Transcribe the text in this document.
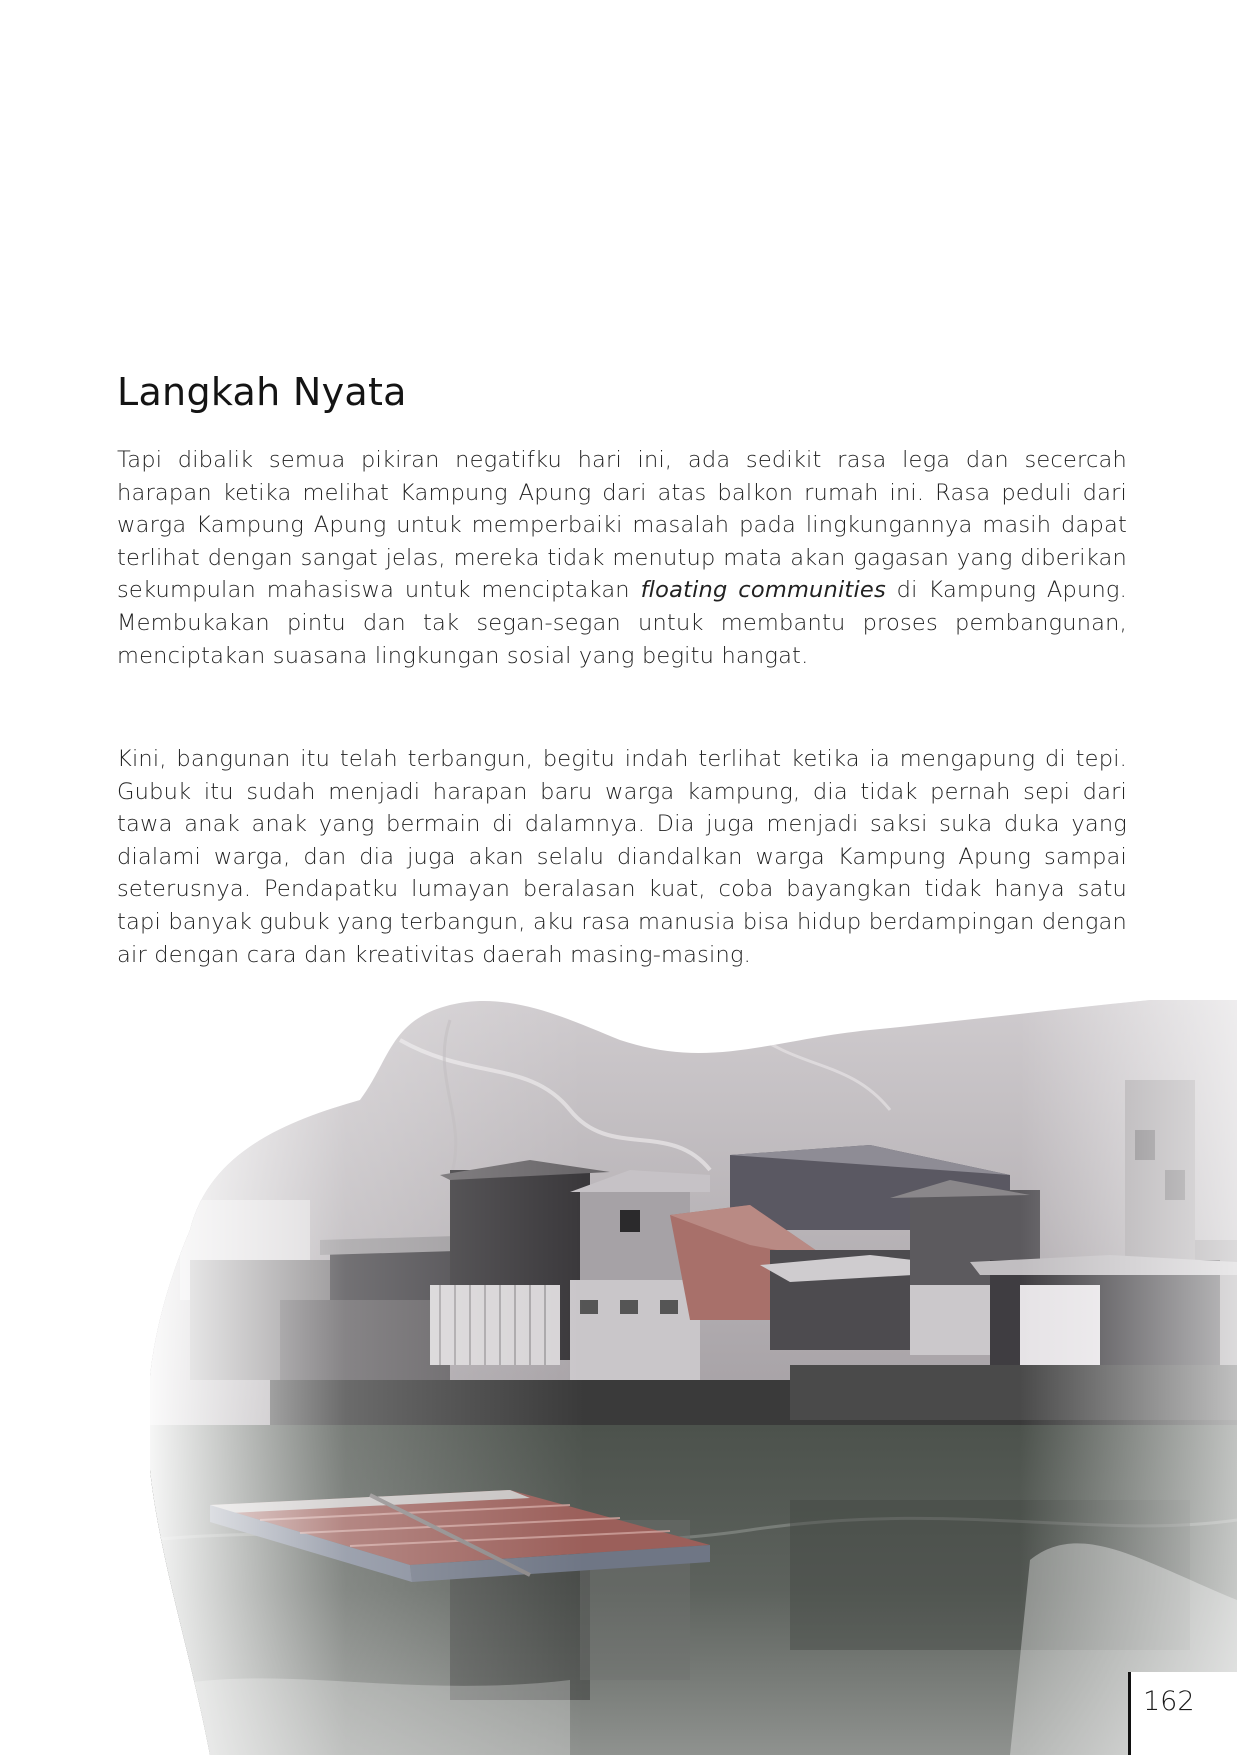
Langkah Nyata

Tapi dibalik semua pikiran negatifku hari ini, ada sedikit rasa lega dan secercah harapan ketika melihat Kampung Apung dari atas balkon rumah ini. Rasa peduli dari warga Kampung Apung untuk memperbaiki masalah pada lingkungannya masih dapat terlihat dengan sangat jelas, mereka tidak menutup mata akan gagasan yang diberikan sekumpulan mahasiswa untuk menciptakan floating communities di Kampung Apung. Membukakan pintu dan tak segan-segan untuk membantu proses pembangunan, menciptakan suasana lingkungan sosial yang begitu hangat.

Kini, bangunan itu telah terbangun, begitu indah terlihat ketika ia mengapung di tepi. Gubuk itu sudah menjadi harapan baru warga kampung, dia tidak pernah sepi dari tawa anak anak yang bermain di dalamnya. Dia juga menjadi saksi suka duka yang dialami warga, dan dia juga akan selalu diandalkan warga Kampung Apung sampai seterusnya. Pendapatku lumayan beralasan kuat, coba bayangkan tidak hanya satu tapi banyak gubuk yang terbangun, aku rasa manusia bisa hidup berdampingan dengan air dengan cara dan kreativitas daerah masing-masing.

162
